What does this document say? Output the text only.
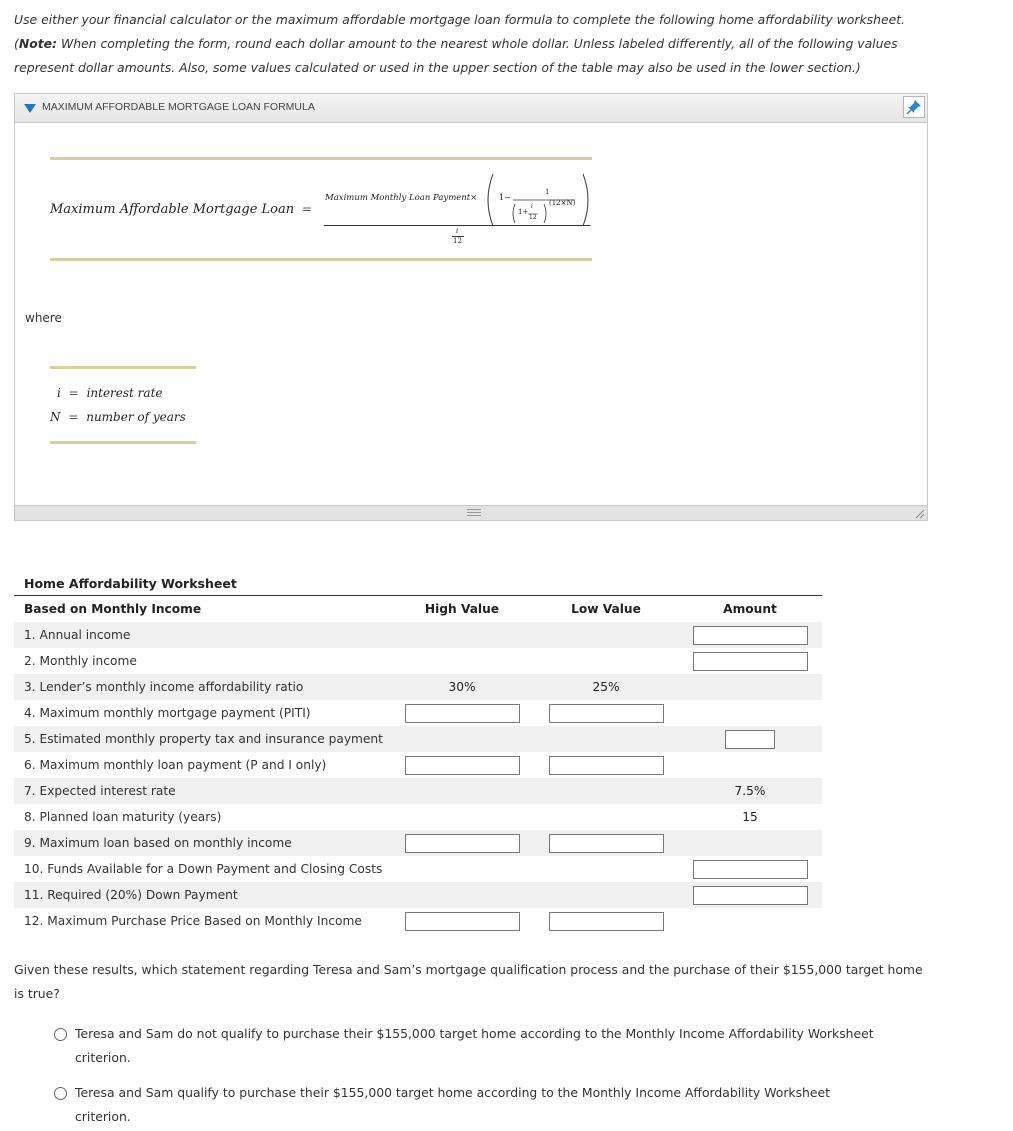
Use either your financial calculator or the maximum affordable mortgage loan formula to complete the following home affordability worksheet. (Note: When completing the form, round each dollar amount to the nearest whole dollar. Unless labeled differently, all of the following values represent dollar amounts. Also, some values calculated or used in the upper section of the table may also be used in the lower section.)
MAXIMUM AFFORDABLE MORTGAGE LOAN FORMULA
Maximum Affordable Mortgage Loan =
Maximum Monthly Loan Payment×	1−
1
1+
i
12
(12×N)
i
12
where
i = interest rate
N = number of years
Home Affordability Worksheet
Based on Monthly Income	High Value	Low Value	Amount
1. Annual income			
2. Monthly income			
3. Lender’s monthly income affordability ratio	30%	25%	
4. Maximum monthly mortgage payment (PITI)			
5. Estimated monthly property tax and insurance payment			
6. Maximum monthly loan payment (P and I only)			
7. Expected interest rate			7.5%
8. Planned loan maturity (years)			15
9. Maximum loan based on monthly income			
10. Funds Available for a Down Payment and Closing Costs			
11. Required (20%) Down Payment			
12. Maximum Purchase Price Based on Monthly Income			
Given these results, which statement regarding Teresa and Sam’s mortgage qualification process and the purchase of their $155,000 target home is true?
Teresa and Sam do not qualify to purchase their $155,000 target home according to the Monthly Income Affordability Worksheet criterion.
Teresa and Sam qualify to purchase their $155,000 target home according to the Monthly Income Affordability Worksheet criterion.
